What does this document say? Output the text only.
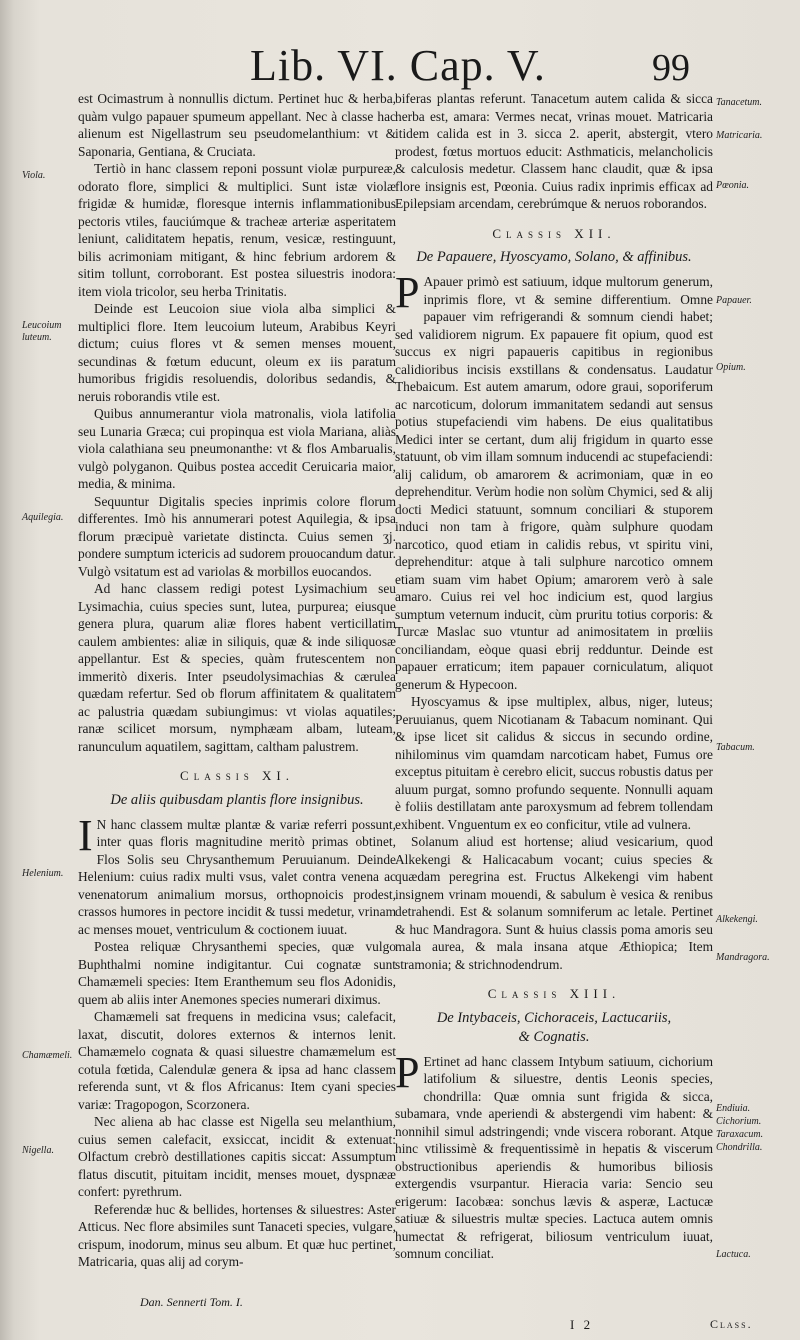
Lib. VI. Cap. V.	99

est Ocimastrum à nonnullis dictum. Pertinet huc & herba, quàm vulgo papauer spumeum appellant. Nec à classe hac alienum est Nigellastrum seu pseudomelanthium: vt & Saponaria, Gentiana, & Cruciata.

Tertiò in hanc classem reponi possunt violæ purpureæ, odorato flore, simplici & multiplici. Sunt istæ violæ frigidæ & humidæ, floresque internis inflammationibus pectoris vtiles, fauciúmque & tracheæ arteriæ asperitatem leniunt, caliditatem hepatis, renum, vesicæ, restinguunt, bilis acrimoniam mitigant, & hinc febrium ardorem & sitim tollunt, corroborant. Est postea siluestris inodora: item viola tricolor, seu herba Trinitatis.

Deinde est Leucoion siue viola alba simplici & multiplici flore. Item leucoium luteum, Arabibus Keyri dictum; cuius flores vt & semen menses mouent, secundinas & fœtum educunt, oleum ex iis paratum humoribus frigidis resoluendis, doloribus sedandis, & neruis roborandis vtile est.

Quibus annumerantur viola matronalis, viola latifolia seu Lunaria Græca; cui propinqua est viola Mariana, aliàs viola calathiana seu pneumonanthe: vt & flos Ambarualis, vulgò polyganon. Quibus postea accedit Ceruicaria maior, media, & minima.

Sequuntur Digitalis species inprimis colore florum differentes. Imò his annumerari potest Aquilegia, & ipsa florum præcipuè varietate distincta. Cuius semen ʒj. pondere sumptum ictericis ad sudorem prouocandum datur. Vulgò vsitatum est ad variolas & morbillos euocandos.

Ad hanc classem redigi potest Lysimachium seu Lysimachia, cuius species sunt, lutea, purpurea; eiusque genera plura, quarum aliæ flores habent verticillatim caulem ambientes: aliæ in siliquis, quæ & inde siliquosæ appellantur. Est & species, quàm frutescentem non immeritò dixeris. Inter pseudolysimachias & cærulea quædam refertur. Sed ob florum affinitatem & qualitatem ac palustria quædam subiungimus: vt violas aquatiles; ranæ scilicet morsum, nymphæam albam, luteam, ranunculum aquatilem, sagittam, caltham palustrem.

Classis XI.
De aliis quibusdam plantis flore insignibus.

I N hanc classem multæ plantæ & variæ referri possunt, inter quas floris magnitudine meritò primas obtinet, Flos Solis seu Chrysanthemum Peruuianum. Deinde Helenium: cuius radix multi vsus, valet contra venena ac venenatorum animalium morsus, orthopnoicis prodest, crassos humores in pectore incidit & tussi medetur, vrinam ac menses mouet, ventriculum & coctionem iuuat.

Postea reliquæ Chrysanthemi species, quæ vulgo Buphthalmi nomine indigitantur. Cui cognatæ sunt Chamæmeli species: Item Eranthemum seu flos Adonidis, quem ab aliis inter Anemones species numerari diximus.

Chamæmeli sat frequens in medicina vsus; calefacit, laxat, discutit, dolores externos & internos lenit. Chamæmelo cognata & quasi siluestre chamæmelum est cotula fœtida, Calendulæ genera & ipsa ad hanc classem referenda sunt, vt & flos Africanus: Item cyani species variæ: Tragopogon, Scorzonera.

Nec aliena ab hac classe est Nigella seu melanthium, cuius semen calefacit, exsiccat, incidit & extenuat: Olfactum crebrò destillationes capitis siccat: Assumptum flatus discutit, pituitam incidit, menses mouet, dyspnææ confert: pyrethrum.

Referendæ huc & bellides, hortenses & siluestres: Aster Atticus. Nec flore absimiles sunt Tanaceti species, vulgare, crispum, inodorum, minus seu album. Et quæ huc pertinet, Matricaria, quas alij ad corym-

biferas plantas referunt. Tanacetum autem calida & sicca herba est, amara: Vermes necat, vrinas mouet. Matricaria itidem calida est in 3. sicca 2. aperit, abstergit, vtero prodest, fœtus mortuos educit: Asthmaticis, melancholicis & calculosis medetur. Classem hanc claudit, quæ & ipsa flore insignis est, Pœonia. Cuius radix inprimis efficax ad Epilepsiam arcendam, cerebrúmque & neruos roborandos.

Classis XII.
De Papauere, Hyoscyamo, Solano, & affinibus.

P Apauer primò est satiuum, idque multorum generum, inprimis flore, vt & semine differentium. Omne papauer vim refrigerandi & somnum ciendi habet; sed validiorem nigrum. Ex papauere fit opium, quod est succus ex nigri papaueris capitibus in regionibus calidioribus incisis exstillans & condensatus. Laudatur Thebaicum. Est autem amarum, odore graui, soporiferum ac narcoticum, dolorum immanitatem sedandi aut sensus potius stupefaciendi vim habens. De eius qualitatibus Medici inter se certant, dum alij frigidum in quarto esse statuunt, ob vim illam somnum inducendi ac stupefaciendi: alij calidum, ob amarorem & acrimoniam, quæ in eo deprehenditur. Verùm hodie non solùm Chymici, sed & alij docti Medici statuunt, somnum conciliari & stuporem induci non tam à frigore, quàm sulphure quodam narcotico, quod etiam in calidis rebus, vt spiritu vini, deprehenditur: atque à tali sulphure narcotico omnem etiam suam vim habet Opium; amarorem verò à sale amaro. Cuius rei vel hoc indicium est, quod largius sumptum veternum inducit, cùm pruritu totius corporis: & Turcæ Maslac suo vtuntur ad animositatem in prœliis conciliandam, eòque quasi ebrij redduntur. Deinde est papauer erraticum; item papauer corniculatum, aliquot generum & Hypecoon.

Hyoscyamus & ipse multiplex, albus, niger, luteus; Peruuianus, quem Nicotianam & Tabacum nominant. Qui & ipse licet sit calidus & siccus in secundo ordine, nihilominus vim quamdam narcoticam habet, Fumus ore exceptus pituitam è cerebro elicit, succus robustis datus per aluum purgat, somno profundo sequente. Nonnulli aquam è foliis destillatam ante paroxysmum ad febrem tollendam exhibent. Vnguentum ex eo conficitur, vtile ad vulnera.

Solanum aliud est hortense; aliud vesicarium, quod Alkekengi & Halicacabum vocant; cuius species & quædam peregrina est. Fructus Alkekengi vim habent insignem vrinam mouendi, & sabulum è vesica & renibus detrahendi. Est & solanum somniferum ac letale. Pertinet & huc Mandragora. Sunt & huius classis poma amoris seu mala aurea, & mala insana atque Æthiopica; Item stramonia; & strichnodendrum.

Classis XIII.
De Intybaceis, Cichoraceis, Lactucariis,
& Cognatis.

P Ertinet ad hanc classem Intybum satiuum, cichorium latifolium & siluestre, dentis Leonis species, chondrilla: Quæ omnia sunt frigida & sicca, subamara, vnde aperiendi & abstergendi vim habent: & nonnihil simul adstringendi; vnde viscera roborant. Atque hinc vtilissimè & frequentissimè in hepatis & viscerum obstructionibus aperiendis & humoribus biliosis extergendis vsurpantur. Hieracia varia: Sencio seu erigerum: Iacobæa: sonchus lævis & asperæ, Lactucæ satiuæ & siluestris multæ species. Lactuca autem omnis humectat & refrigerat, biliosum ventriculum iuuat, somnum conciliat.

Viola.
Leucoium
luteum.
Aquilegia.
Helenium.
Chamæmeli.
Nigella.
Tanacetum.
Matricaria.
Pœonia.
Papauer.
Opium.
Tabacum.
Alkekengi.
Mandragora.
Endiuia.
Cichorium.
Taraxacum.
Chondrilla.
Lactuca.
Dan. Sennerti Tom. I.
I 2	Class.
